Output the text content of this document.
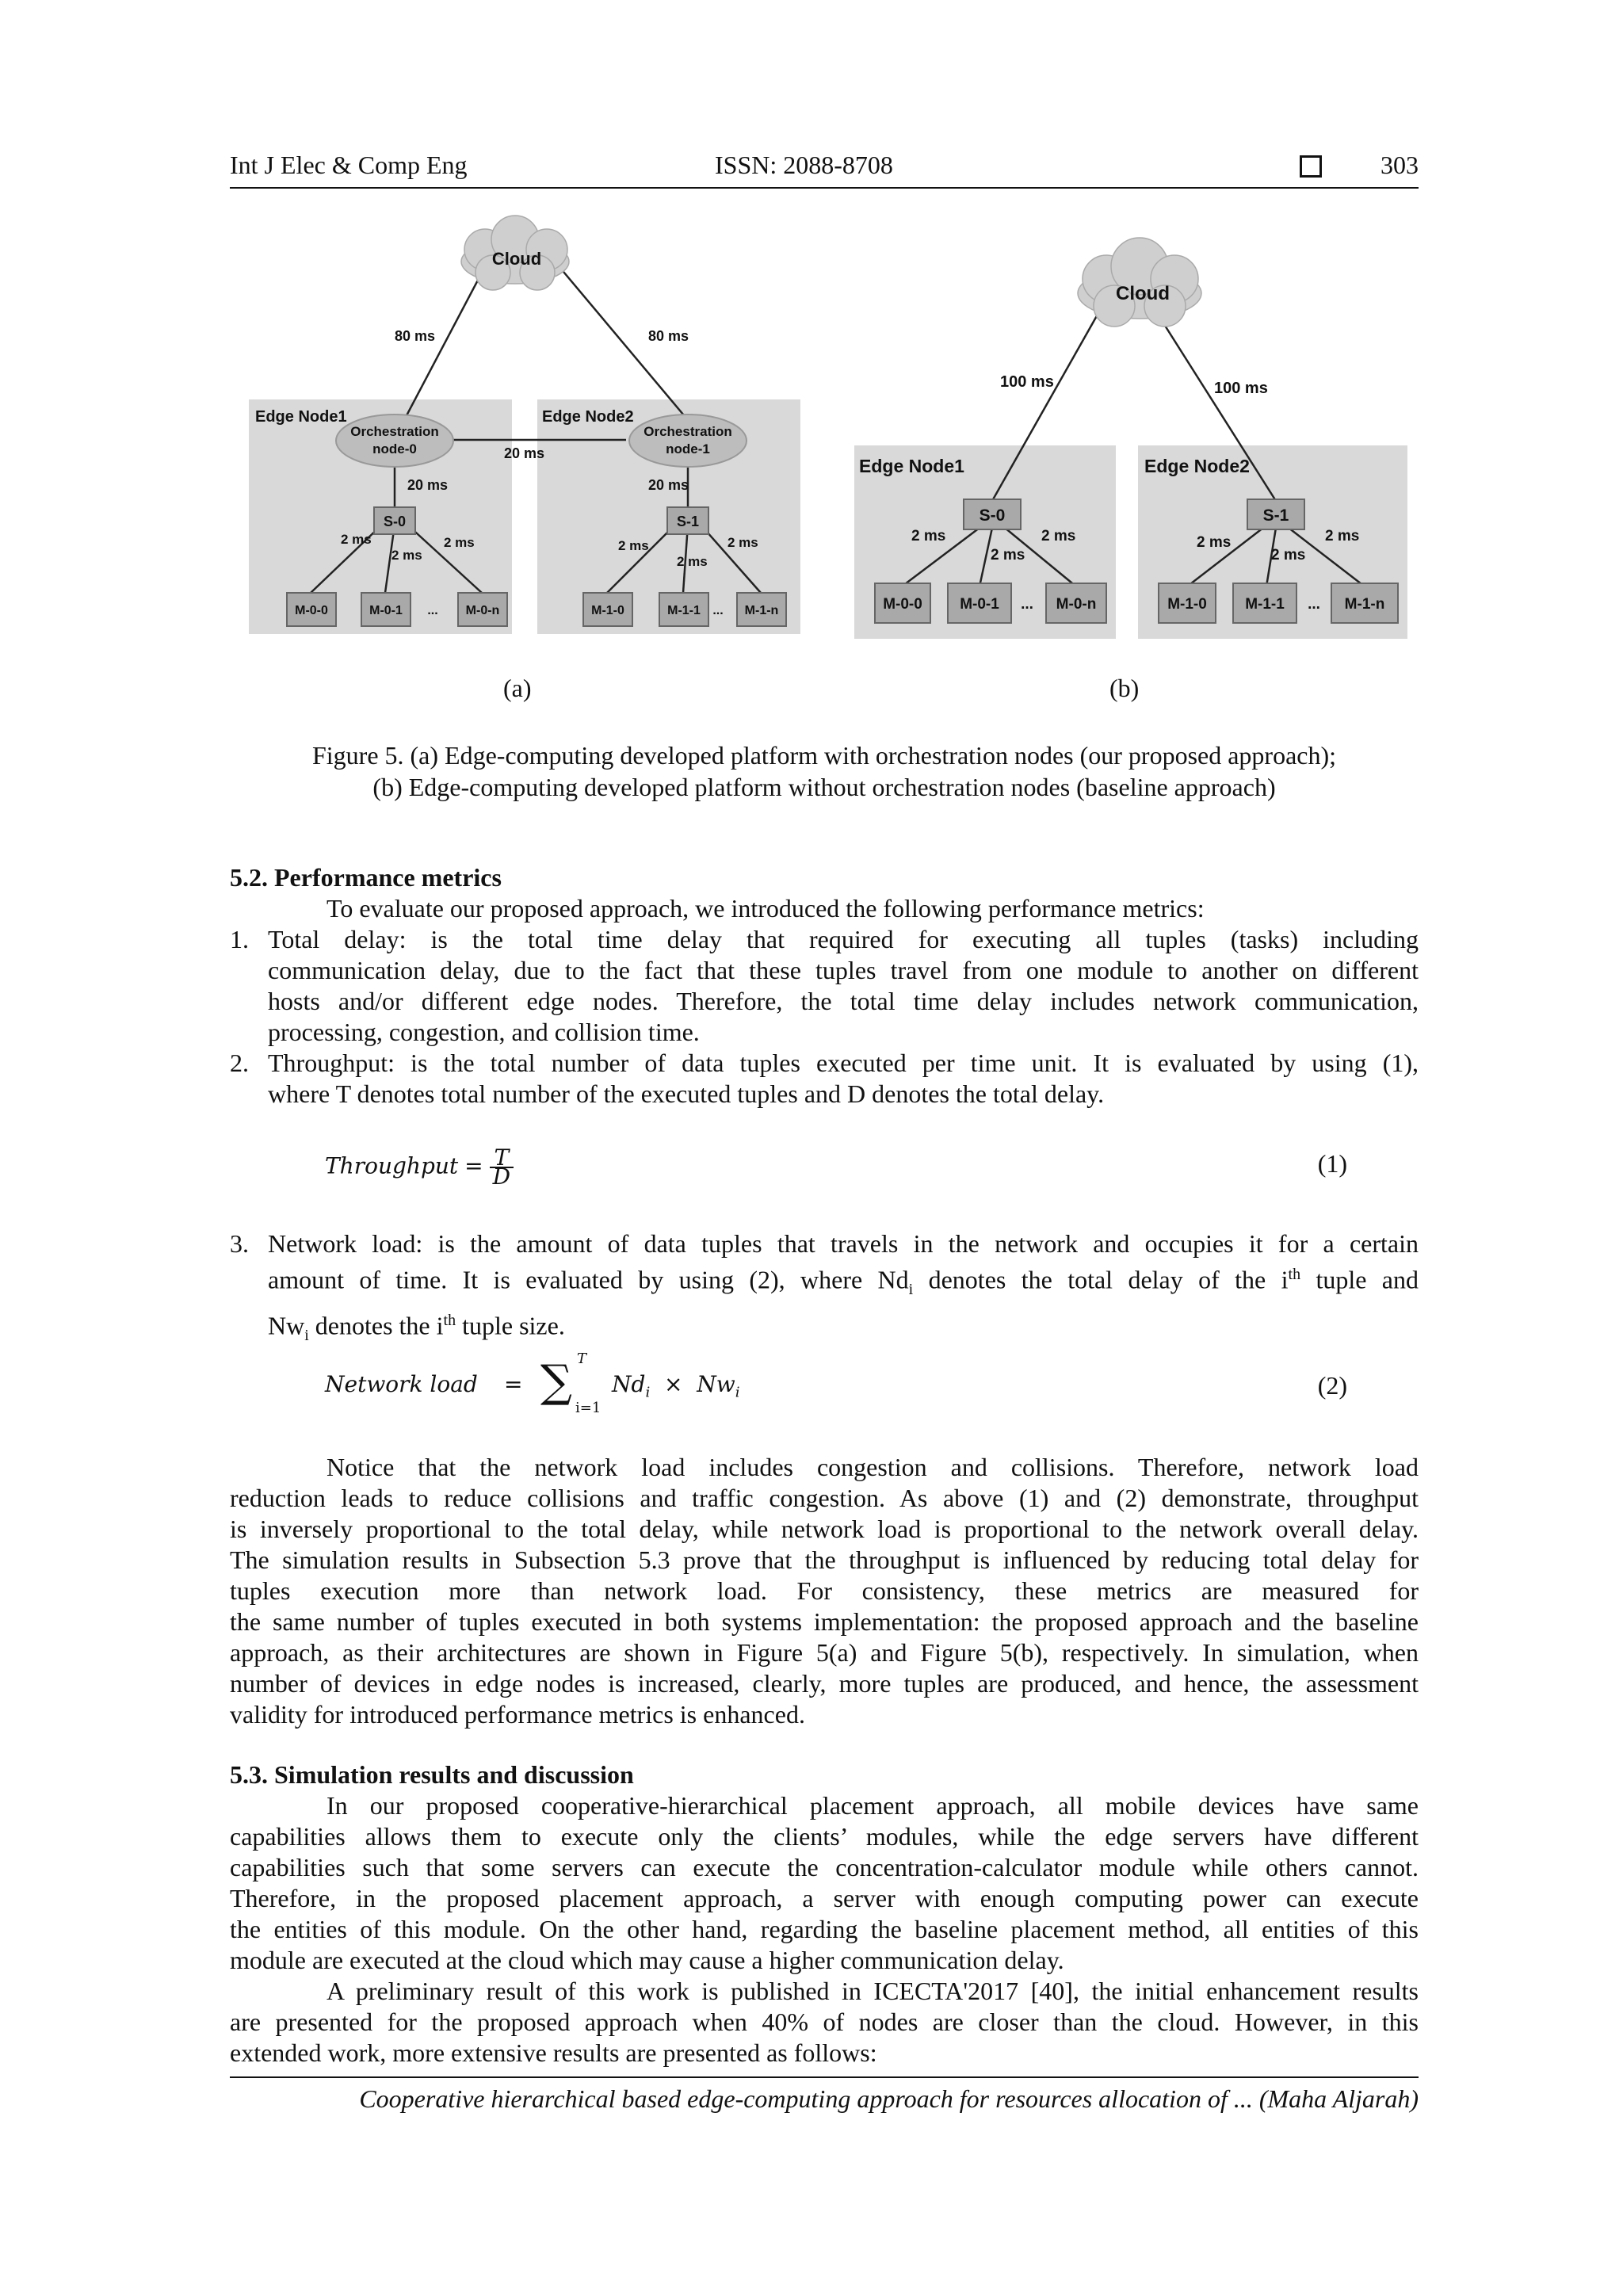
Int J Elec & Comp Eng	ISSN: 2088-8708	303
Cloud
80 ms	80 ms
Edge Node1	Edge Node2
Orchestration
node-0
Orchestration
node-1
20 ms
20 ms	20 ms
S-0	S-1
2 ms
2 ms
2 ms	2 ms
2 ms
2 ms
M-0-0	M-0-1 ... M-0-n	M-1-0	M-1-1 ... M-1-n
Cloud
100 ms	100 ms
Edge Node1	Edge Node2
S-0	S-1
2 ms
2 ms
2 ms	2 ms
2 ms
2 ms
M-0-0 M-0-1 ... M-0-n	M-1-0	M-1-1 ... M-1-n
(a)	(b)
Figure 5. (a) Edge-computing developed platform with orchestration nodes (our proposed approach);
(b) Edge-computing developed platform without orchestration nodes (baseline approach)
5.2. Performance metrics
To evaluate our proposed approach, we introduced the following performance metrics:
1. Total delay: is the total time delay that required for executing all tuples (tasks) including
communication delay, due to the fact that these tuples travel from one module to another on different
hosts and/or different edge nodes. Therefore, the total time delay includes network communication,
processing, congestion, and collision time.
2. Throughput: is the total number of data tuples executed per time unit. It is evaluated by using (1),
where T denotes total number of the executed tuples and D denotes the total delay.
Throughput = $\frac{T}{D}$	(1)
3. Network load: is the amount of data tuples that travels in the network and occupies it for a certain
amount of time. It is evaluated by using (2), where $Nd_i$ denotes the total delay of the $i^{th}$ tuple and
$Nw_i$ denotes the $i^{th}$ tuple size.
Network load = ∑ T
i=1
$Nd_i \times Nw_i$	(2)
Notice that the network load includes congestion and collisions. Therefore, network load
reduction leads to reduce collisions and traffic congestion. As above (1) and (2) demonstrate, throughput
is inversely proportional to the total delay, while network load is proportional to the network overall delay.
The simulation results in Subsection 5.3 prove that the throughput is influenced by reducing total delay for
tuples execution more than network load. For consistency, these metrics are measured for
the same number of tuples executed in both systems implementation: the proposed approach and the baseline
approach, as their architectures are shown in Figure 5(a) and Figure 5(b), respectively. In simulation, when
number of devices in edge nodes is increased, clearly, more tuples are produced, and hence, the assessment
validity for introduced performance metrics is enhanced.
5.3. Simulation results and discussion
In our proposed cooperative-hierarchical placement approach, all mobile devices have same
capabilities allows them to execute only the clients’ modules, while the edge servers have different
capabilities such that some servers can execute the concentration-calculator module while others cannot.
Therefore, in the proposed placement approach, a server with enough computing power can execute
the entities of this module. On the other hand, regarding the baseline placement method, all entities of this
module are executed at the cloud which may cause a higher communication delay.
A preliminary result of this work is published in ICECTA'2017 [40], the initial enhancement results
are presented for the proposed approach when 40% of nodes are closer than the cloud. However, in this
extended work, more extensive results are presented as follows:
Cooperative hierarchical based edge-computing approach for resources allocation of ... (Maha Aljarah)
